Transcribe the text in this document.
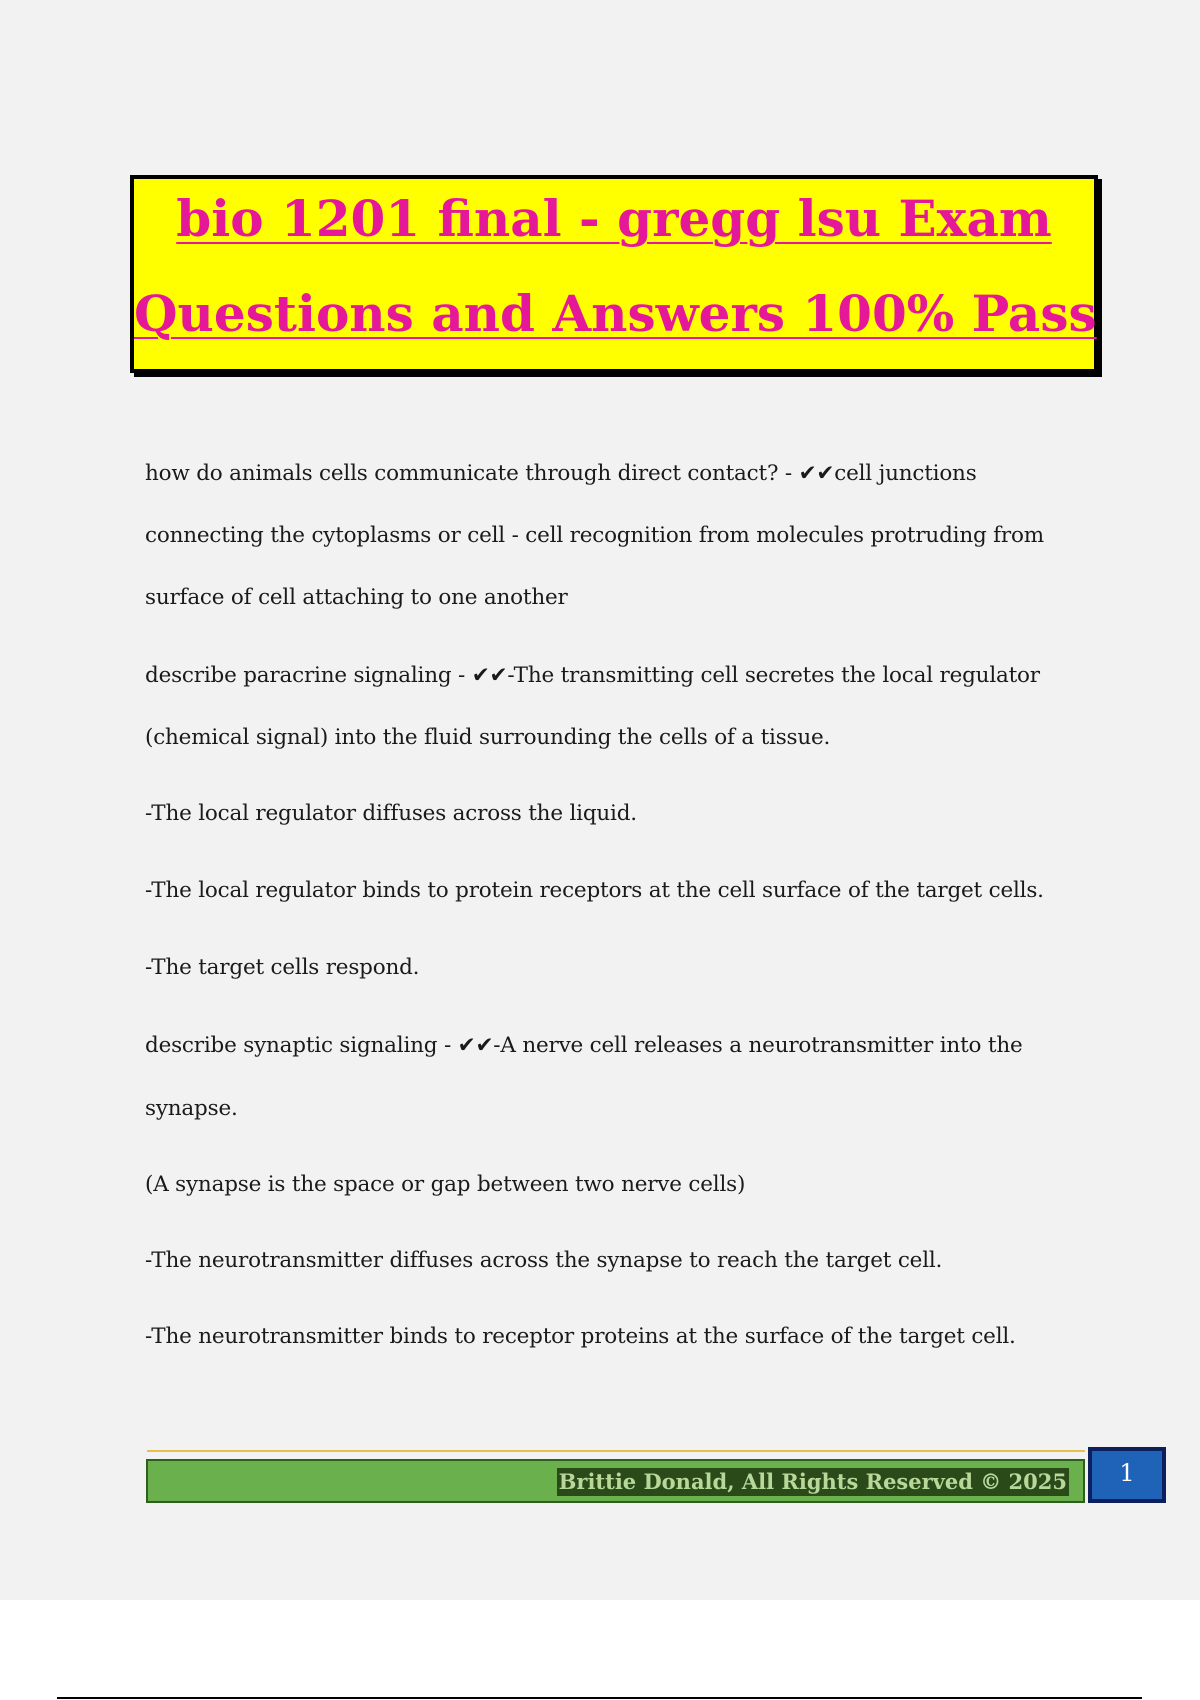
bio 1201 final - gregg lsu Exam
Questions and Answers 100% Pass

how do animals cells communicate through direct contact? - ✔✔cell junctions

connecting the cytoplasms or cell - cell recognition from molecules protruding from

surface of cell attaching to one another

describe paracrine signaling - ✔✔-The transmitting cell secretes the local regulator

(chemical signal) into the fluid surrounding the cells of a tissue.

-The local regulator diffuses across the liquid.

-The local regulator binds to protein receptors at the cell surface of the target cells.

-The target cells respond.

describe synaptic signaling - ✔✔-A nerve cell releases a neurotransmitter into the

synapse.

(A synapse is the space or gap between two nerve cells)

-The neurotransmitter diffuses across the synapse to reach the target cell.

-The neurotransmitter binds to receptor proteins at the surface of the target cell.

Brittie Donald, All Rights Reserved © 2025	1
